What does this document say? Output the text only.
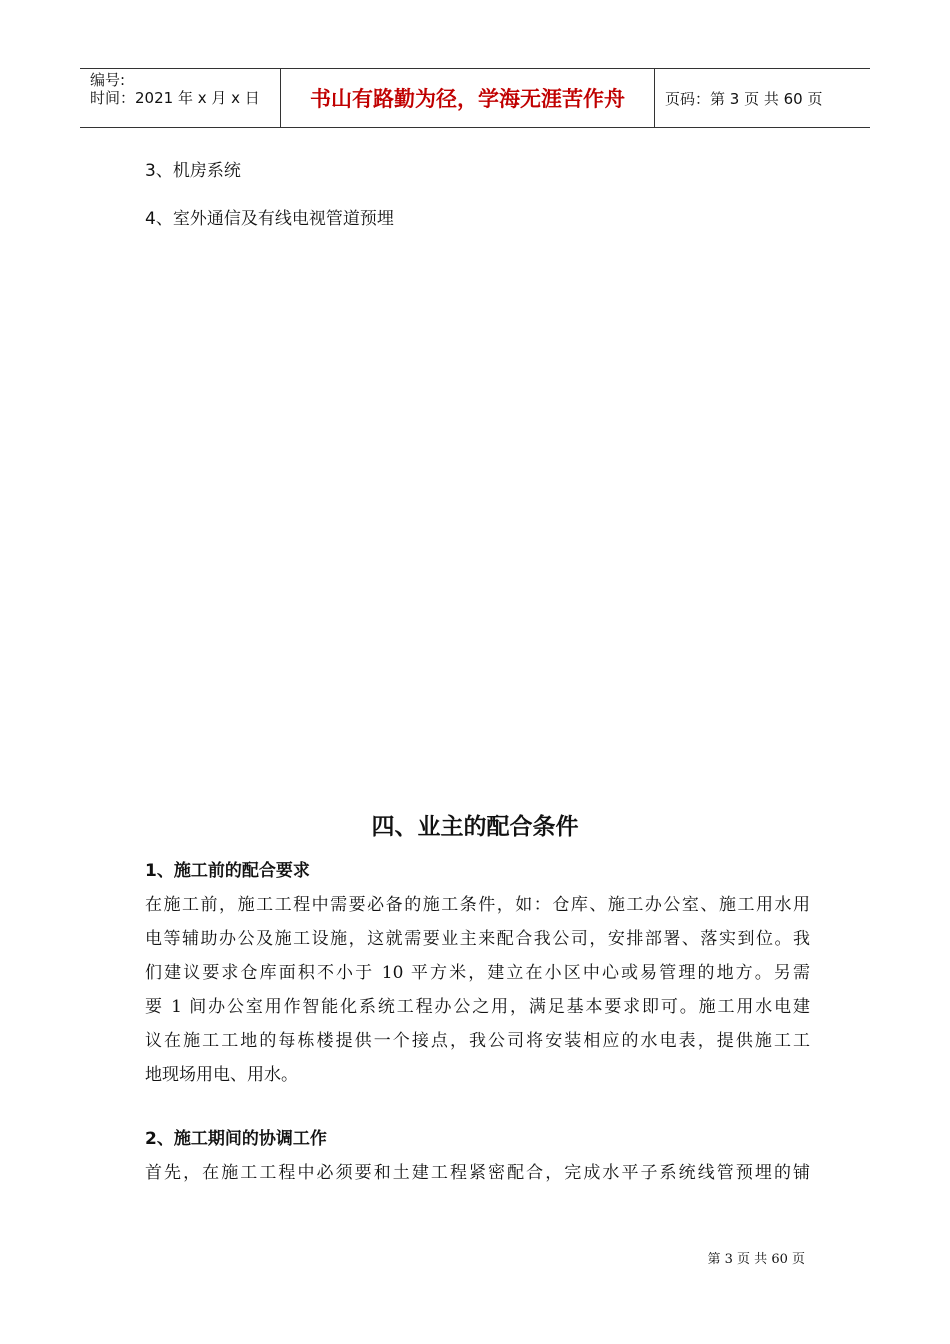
编号:
时间：2021 年 x 月 x 日	书山有路勤为径，学海无涯苦作舟	页码：第 3 页 共 60 页
3、机房系统
4、室外通信及有线电视管道预埋
四、业主的配合条件
1、施工前的配合要求
在施工前，施工工程中需要必备的施工条件，如：仓库、施工办公室、施工用水用
电等辅助办公及施工设施，这就需要业主来配合我公司，安排部署、落实到位。我
们建议要求仓库面积不小于 10 平方米，建立在小区中心或易管理的地方。另需
要 1 间办公室用作智能化系统工程办公之用，满足基本要求即可。施工用水电建
议在施工工地的每栋楼提供一个接点，我公司将安装相应的水电表，提供施工工
地现场用电、用水。
2、施工期间的协调工作
首先，在施工工程中必须要和土建工程紧密配合，完成水平子系统线管预埋的铺
第 3 页 共 60 页
